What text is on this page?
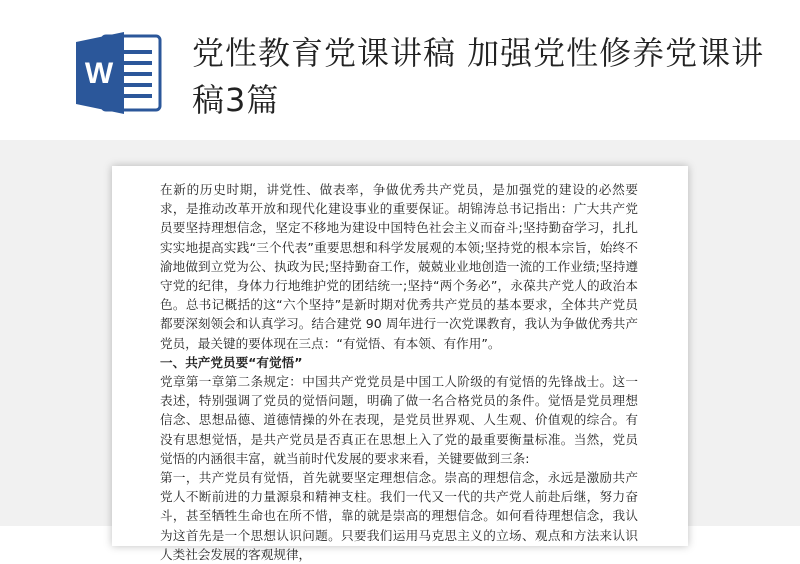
W
党性教育党课讲稿 加强党性修养党课讲稿3篇

在新的历史时期，讲党性、做表率，争做优秀共产党员，是加强党的建设的必然要求，是推动改革开放和现代化建设事业的重要保证。胡锦涛总书记指出：广大共产党员要坚持理想信念，坚定不移地为建设中国特色社会主义而奋斗;坚持勤奋学习，扎扎实实地提高实践“三个代表”重要思想和科学发展观的本领;坚持党的根本宗旨，始终不渝地做到立党为公、执政为民;坚持勤奋工作，兢兢业业地创造一流的工作业绩;坚持遵守党的纪律，身体力行地维护党的团结统一;坚持“两个务必”，永葆共产党人的政治本色。总书记概括的这“六个坚持”是新时期对优秀共产党员的基本要求，全体共产党员都要深刻领会和认真学习。结合建党 90 周年进行一次党课教育，我认为争做优秀共产党员，最关键的要体现在三点：“有觉悟、有本领、有作用”。

一、共产党员要“有觉悟”

党章第一章第二条规定：中国共产党党员是中国工人阶级的有觉悟的先锋战士。这一表述，特别强调了党员的觉悟问题，明确了做一名合格党员的条件。觉悟是党员理想信念、思想品德、道德情操的外在表现，是党员世界观、人生观、价值观的综合。有没有思想觉悟，是共产党员是否真正在思想上入了党的最重要衡量标准。当然，党员觉悟的内涵很丰富，就当前时代发展的要求来看，关键要做到三条:

第一，共产党员有觉悟，首先就要坚定理想信念。崇高的理想信念，永远是激励共产党人不断前进的力量源泉和精神支柱。我们一代又一代的共产党人前赴后继，努力奋斗，甚至牺牲生命也在所不惜，靠的就是崇高的理想信念。如何看待理想信念，我认为这首先是一个思想认识问题。只要我们运用马克思主义的立场、观点和方法来认识人类社会发展的客观规律，
